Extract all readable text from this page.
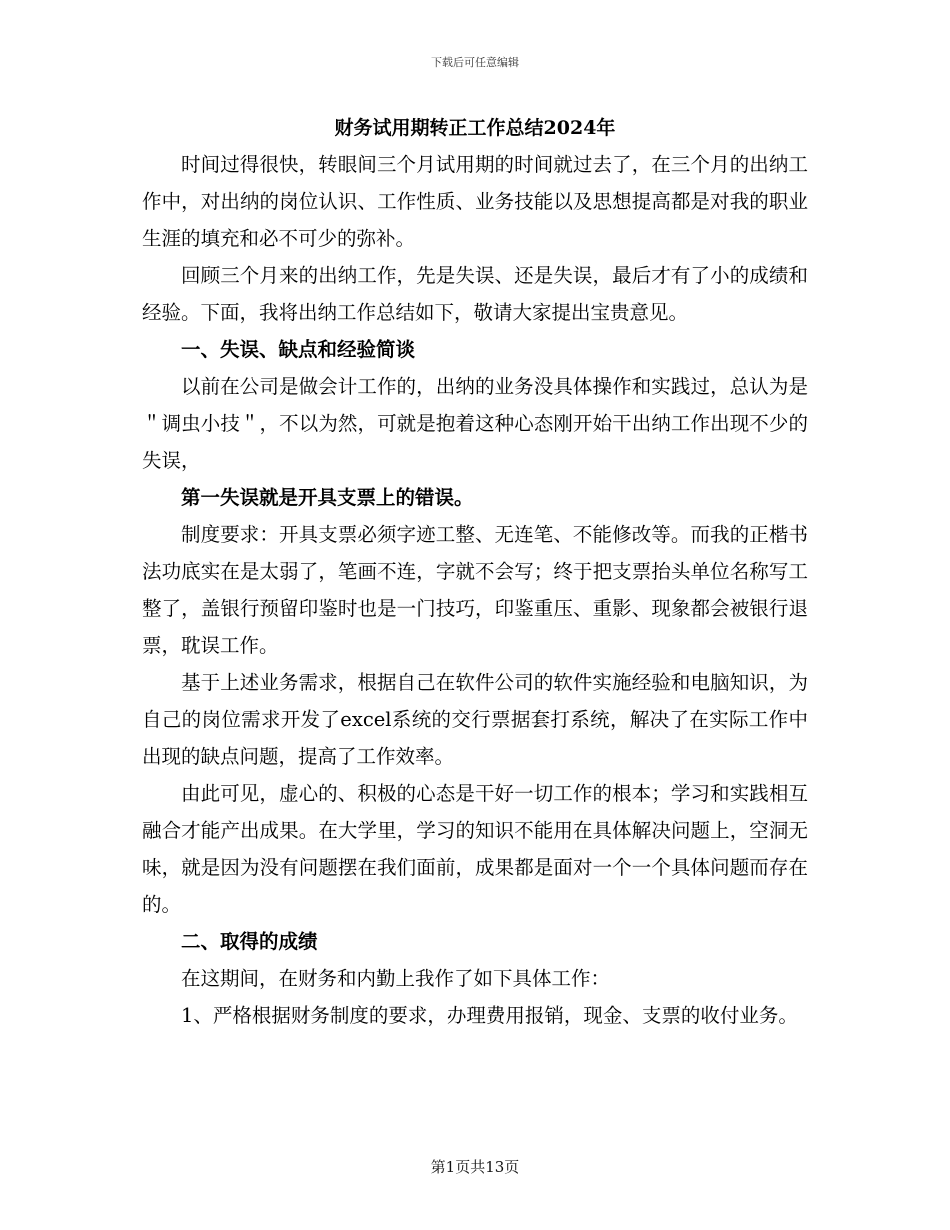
下载后可任意编辑
财务试用期转正工作总结2024年

时间过得很快，转眼间三个月试用期的时间就过去了，在三个月的出纳工作中，对出纳的岗位认识、工作性质、业务技能以及思想提高都是对我的职业生涯的填充和必不可少的弥补。

回顾三个月来的出纳工作，先是失误、还是失误，最后才有了小的成绩和经验。下面，我将出纳工作总结如下，敬请大家提出宝贵意见。

一、失误、缺点和经验简谈

以前在公司是做会计工作的，出纳的业务没具体操作和实践过，总认为是＂调虫小技＂，不以为然，可就是抱着这种心态刚开始干出纳工作出现不少的失误，

第一失误就是开具支票上的错误。

制度要求：开具支票必须字迹工整、无连笔、不能修改等。而我的正楷书法功底实在是太弱了，笔画不连，字就不会写；终于把支票抬头单位名称写工整了，盖银行预留印鉴时也是一门技巧，印鉴重压、重影、现象都会被银行退票，耽误工作。

基于上述业务需求，根据自己在软件公司的软件实施经验和电脑知识，为自己的岗位需求开发了excel系统的交行票据套打系统，解决了在实际工作中出现的缺点问题，提高了工作效率。

由此可见，虚心的、积极的心态是干好一切工作的根本；学习和实践相互融合才能产出成果。在大学里，学习的知识不能用在具体解决问题上，空洞无味，就是因为没有问题摆在我们面前，成果都是面对一个一个具体问题而存在的。

二、取得的成绩

在这期间，在财务和内勤上我作了如下具体工作：

1、严格根据财务制度的要求，办理费用报销，现金、支票的收付业务。

第1页共13页
